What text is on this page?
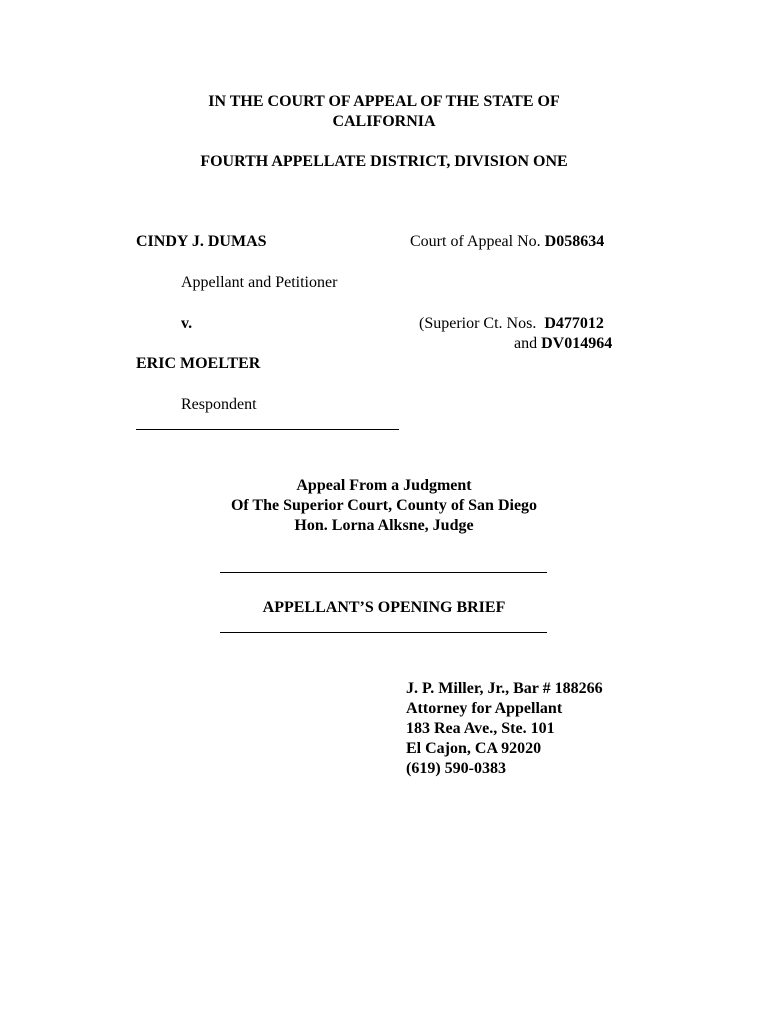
IN THE COURT OF APPEAL OF THE STATE OF
CALIFORNIA
FOURTH APPELLATE DISTRICT, DIVISION ONE
CINDY J. DUMAS
Appellant and Petitioner
v.
ERIC MOELTER
Respondent
Court of Appeal No. D058634
(Superior Ct. Nos. D477012
and DV014964
Appeal From a Judgment
Of The Superior Court, County of San Diego
Hon. Lorna Alksne, Judge
APPELLANT’S OPENING BRIEF
J. P. Miller, Jr., Bar # 188266
Attorney for Appellant
183 Rea Ave., Ste. 101
El Cajon, CA 92020
(619) 590-0383
